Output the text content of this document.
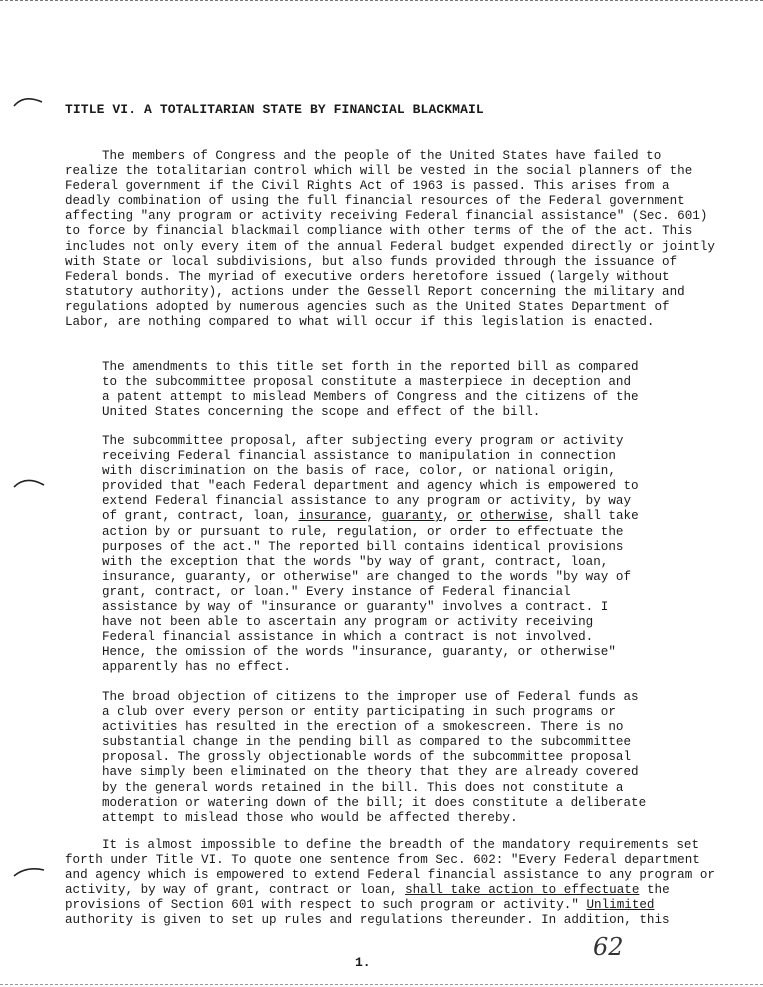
TITLE VI. A TOTALITARIAN STATE BY FINANCIAL BLACKMAIL

The members of Congress and the people of the United States have failed to realize the totalitarian control which will be vested in the social planners of the Federal government if the Civil Rights Act of 1963 is passed. This arises from a deadly combination of using the full financial resources of the Federal government affecting "any program or activity receiving Federal financial assistance" (Sec. 601) to force by financial blackmail compliance with other terms of the of the act. This includes not only every item of the annual Federal budget expended directly or jointly with State or local subdivisions, but also funds provided through the issuance of Federal bonds. The myriad of executive orders heretofore issued (largely without statutory authority), actions under the Gessell Report concerning the military and regulations adopted by numerous agencies such as the United States Department of Labor, are nothing compared to what will occur if this legislation is enacted.

The amendments to this title set forth in the reported bill as compared to the subcommittee proposal constitute a masterpiece in deception and a patent attempt to mislead Members of Congress and the citizens of the United States concerning the scope and effect of the bill.

The subcommittee proposal, after subjecting every program or activity receiving Federal financial assistance to manipulation in connection with discrimination on the basis of race, color, or national origin, provided that "each Federal department and agency which is empowered to extend Federal financial assistance to any program or activity, by way of grant, contract, loan, insurance, guaranty, or otherwise, shall take action by or pursuant to rule, regulation, or order to effectuate the purposes of the act." The reported bill contains identical provisions with the exception that the words "by way of grant, contract, loan, insurance, guaranty, or otherwise" are changed to the words "by way of grant, contract, or loan." Every instance of Federal financial assistance by way of "insurance or guaranty" involves a contract. I have not been able to ascertain any program or activity receiving Federal financial assistance in which a contract is not involved. Hence, the omission of the words "insurance, guaranty, or otherwise" apparently has no effect.

The broad objection of citizens to the improper use of Federal funds as a club over every person or entity participating in such programs or activities has resulted in the erection of a smokescreen. There is no substantial change in the pending bill as compared to the subcommittee proposal. The grossly objectionable words of the subcommittee proposal have simply been eliminated on the theory that they are already covered by the general words retained in the bill. This does not constitute a moderation or watering down of the bill; it does constitute a deliberate attempt to mislead those who would be affected thereby.

It is almost impossible to define the breadth of the mandatory requirements set forth under Title VI. To quote one sentence from Sec. 602: "Every Federal department and agency which is empowered to extend Federal financial assistance to any program or activity, by way of grant, contract or loan, shall take action to effectuate the provisions of Section 601 with respect to such program or activity." Unlimited authority is given to set up rules and regulations thereunder. In addition, this

62
1.
